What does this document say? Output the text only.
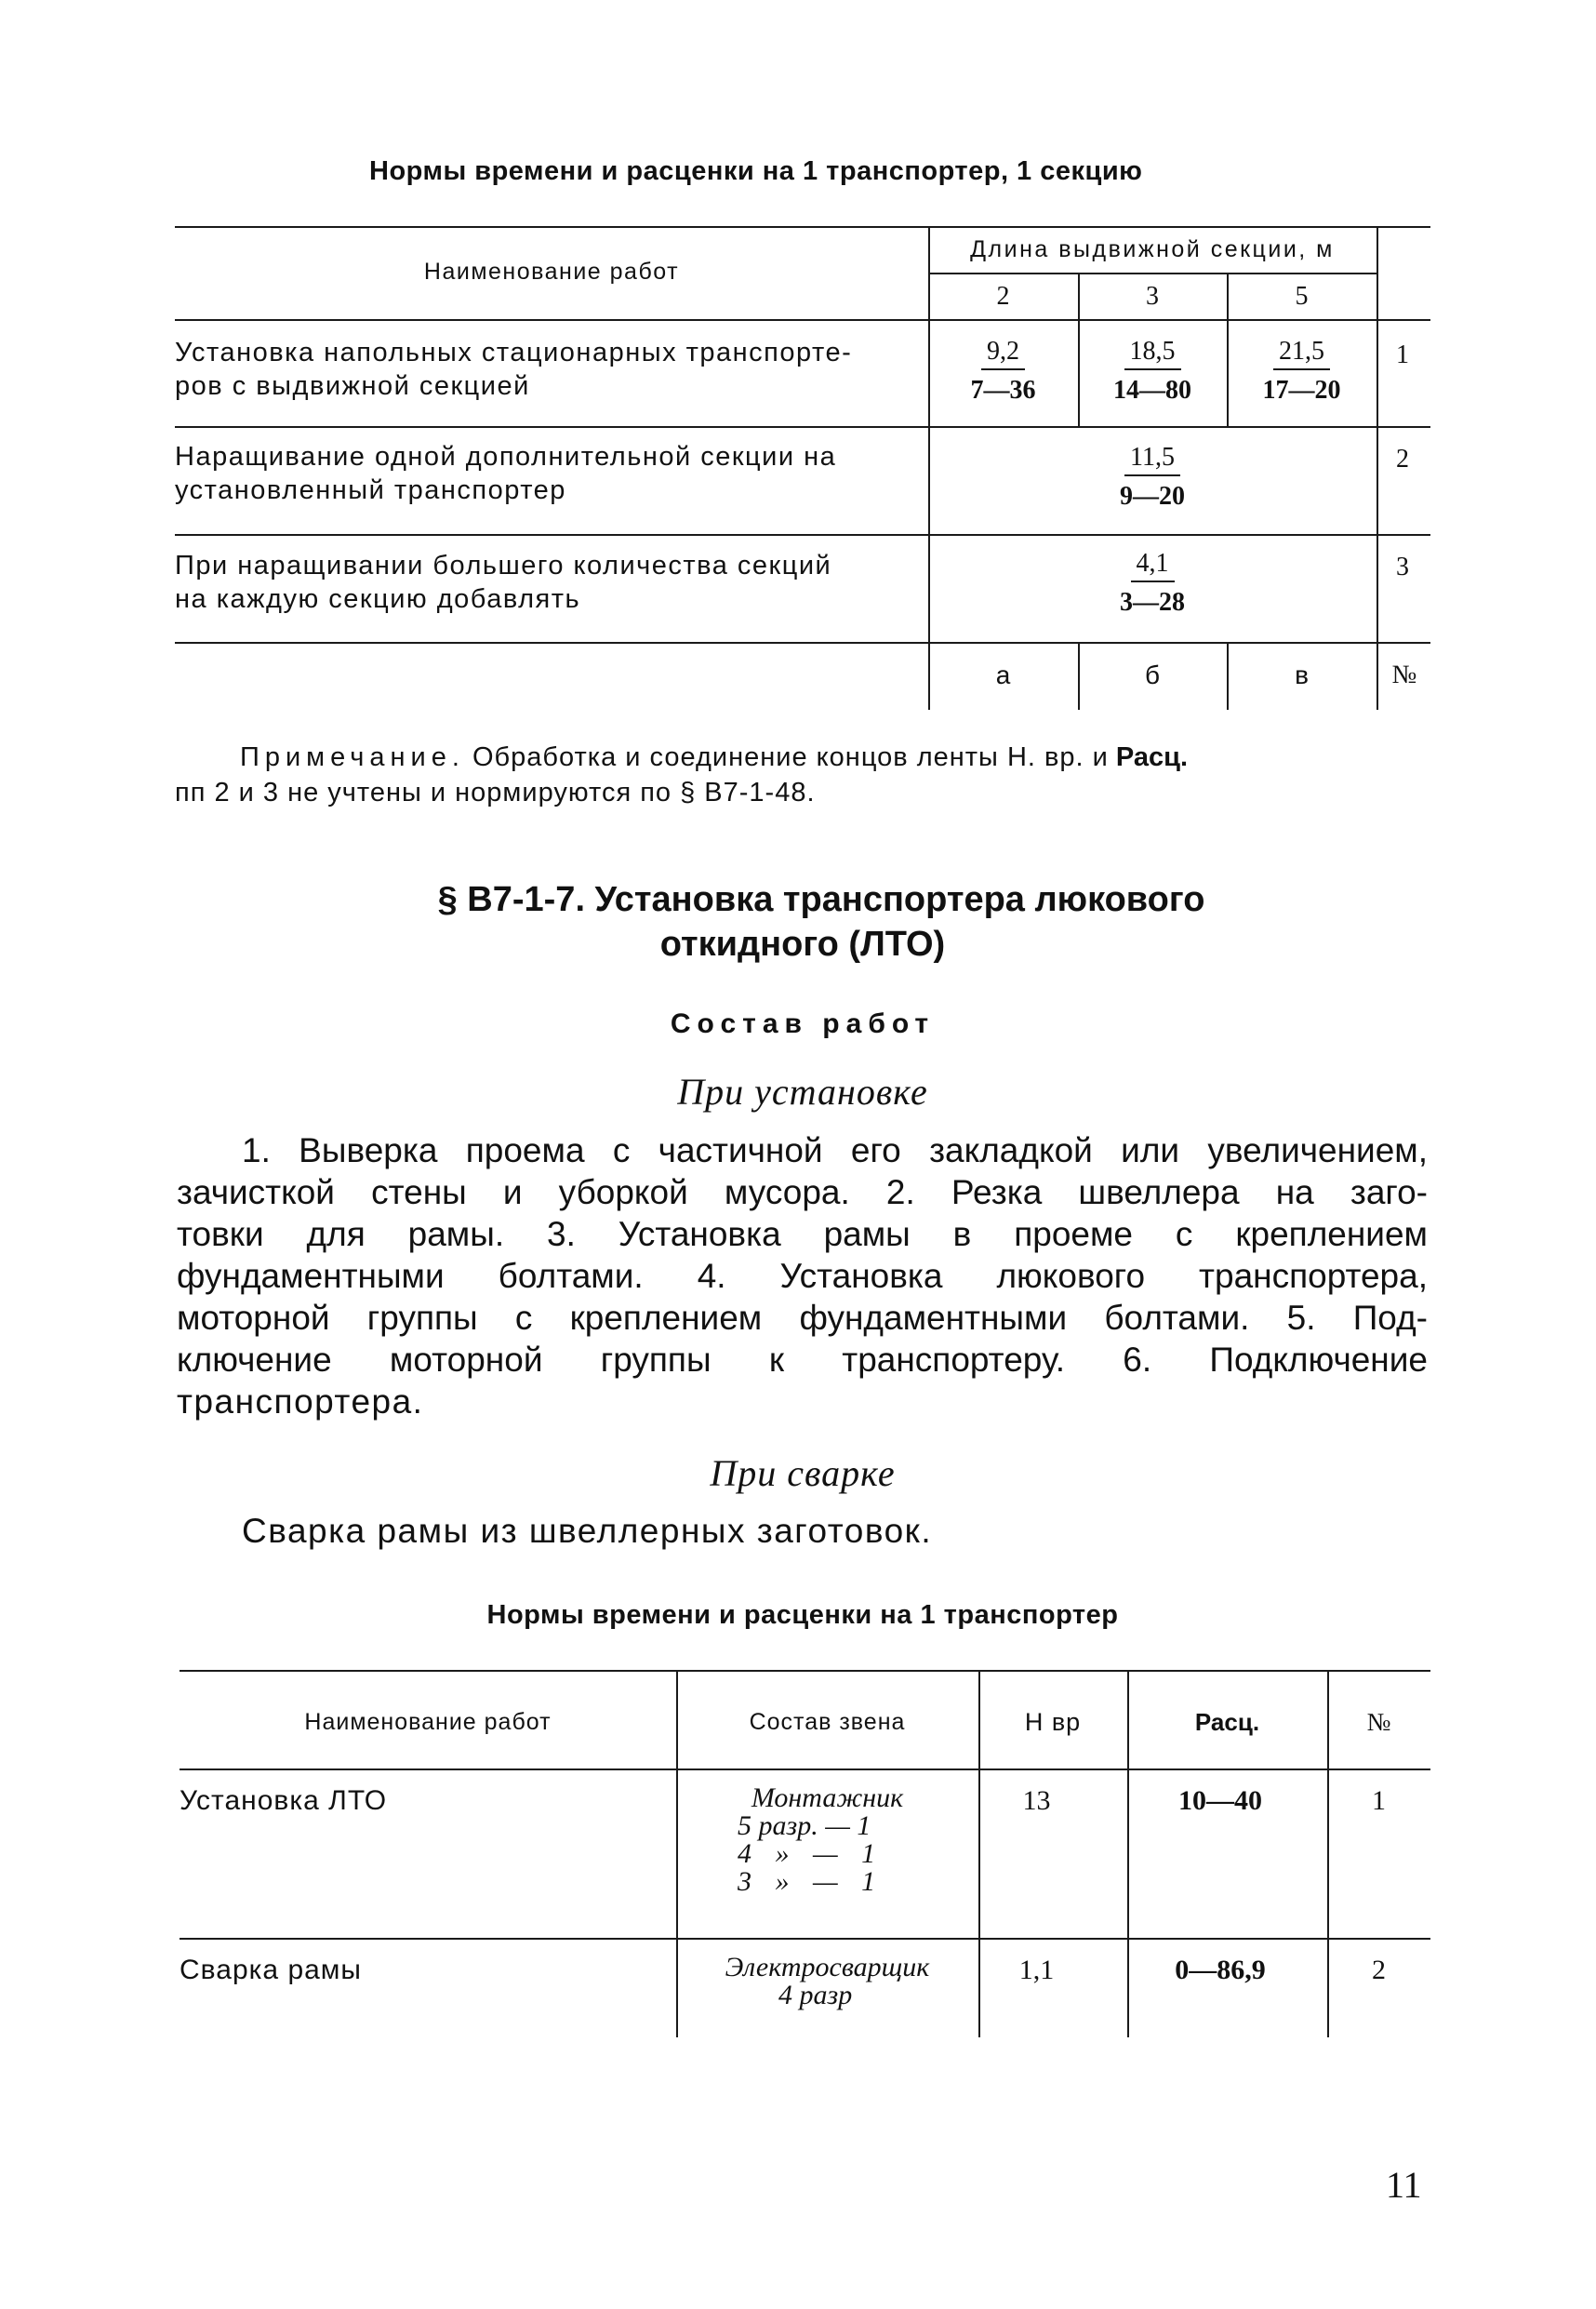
Нормы времени и расценки на 1 транспортер, 1 секцию
Наименование работ
Длина выдвижной секции, м
2	3	5
Установка напольных стационарных транспорте-
ров с выдвижной секцией	$\frac{9,2}{7—36} \frac{18,5}{14—80} \frac{21,5}{17—20} 1$
Наращивание одной дополнительной секции на
установленный транспортер	$\frac{11,5}{9—20} 2$
При наращивании большего количества секций
на каждую секцию добавлять	$\frac{4,1}{3—28} 3$
а	б	в	№
Примечание. Обработка и соединение концов ленты Н. вр. и Расц.
пп 2 и 3 не учтены и нормируются по § В7-1-48.
§ В7-1-7. Установка транспортера люкового
откидного (ЛТО)
Состав работ
При установке
1. Выверка проема с частичной его закладкой или увеличением,
зачисткой стены и уборкой мусора. 2. Резка швеллера на заго-
товки для рамы. 3. Установка рамы в проеме с креплением
фундаментными болтами. 4. Установка люкового транспортера,
моторной группы с креплением фундаментными болтами. 5. Под-
ключение моторной группы к транспортеру. 6. Подключение
транспортера.
При сварке
Сварка рамы из швеллерных заготовок.
Нормы времени и расценки на 1 транспортер
Наименование работ	Состав звена	Н вр	Расц.	№
Установка ЛТО	Монтажник
5 разр. — 1
4 » — 1
3 » — 1
13	10—40	1
Сварка рамы	Электросварщик
4 разр
1,1	0—86,9	2
11
